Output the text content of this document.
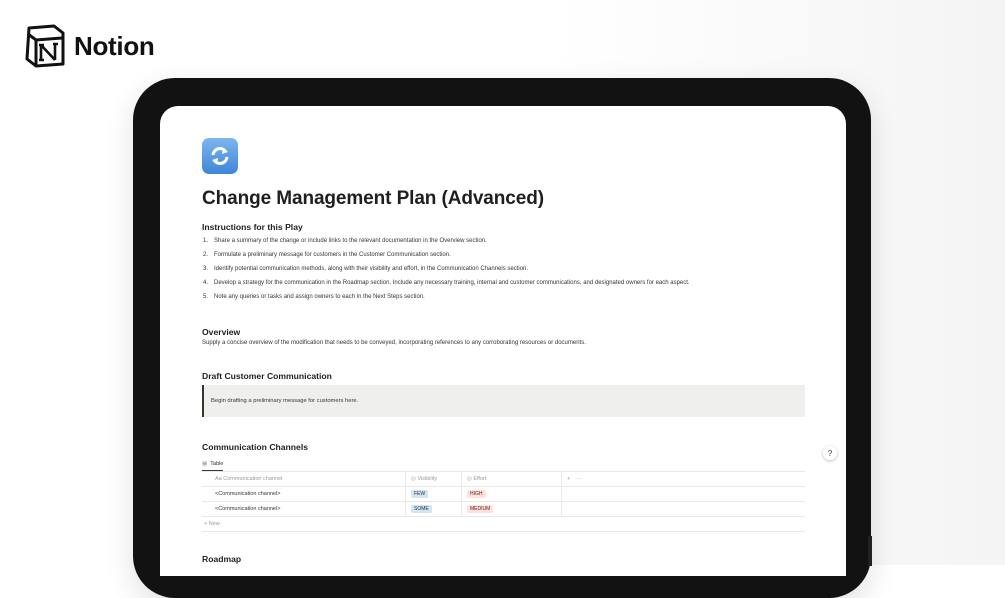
Notion
Change Management Plan (Advanced)
Instructions for this Play
1. Share a summary of the change or include links to the relevant documentation in the Overview section.
2. Formulate a preliminary message for customers in the Customer Communication section.
3. Identify potential communication methods, along with their visibility and effort, in the Communication Channels section.
4. Develop a strategy for the communication in the Roadmap section. Include any necessary training, internal and customer communications, and designated owners for each aspect.
5. Note any queries or tasks and assign owners to each in the Next Steps section.
Overview
Supply a concise overview of the modification that needs to be conveyed, incorporating references to any corroborating resources or documents.
Draft Customer Communication
Begin drafting a preliminary message for customers here.
Communication Channels
▦ Table
Aa Communication channel	◎ Visibility	◎ Effort	+ ···
<Communication channel>	FEW	HIGH
<Communication channel>	SOME	MEDIUM
+ New
Roadmap
?
